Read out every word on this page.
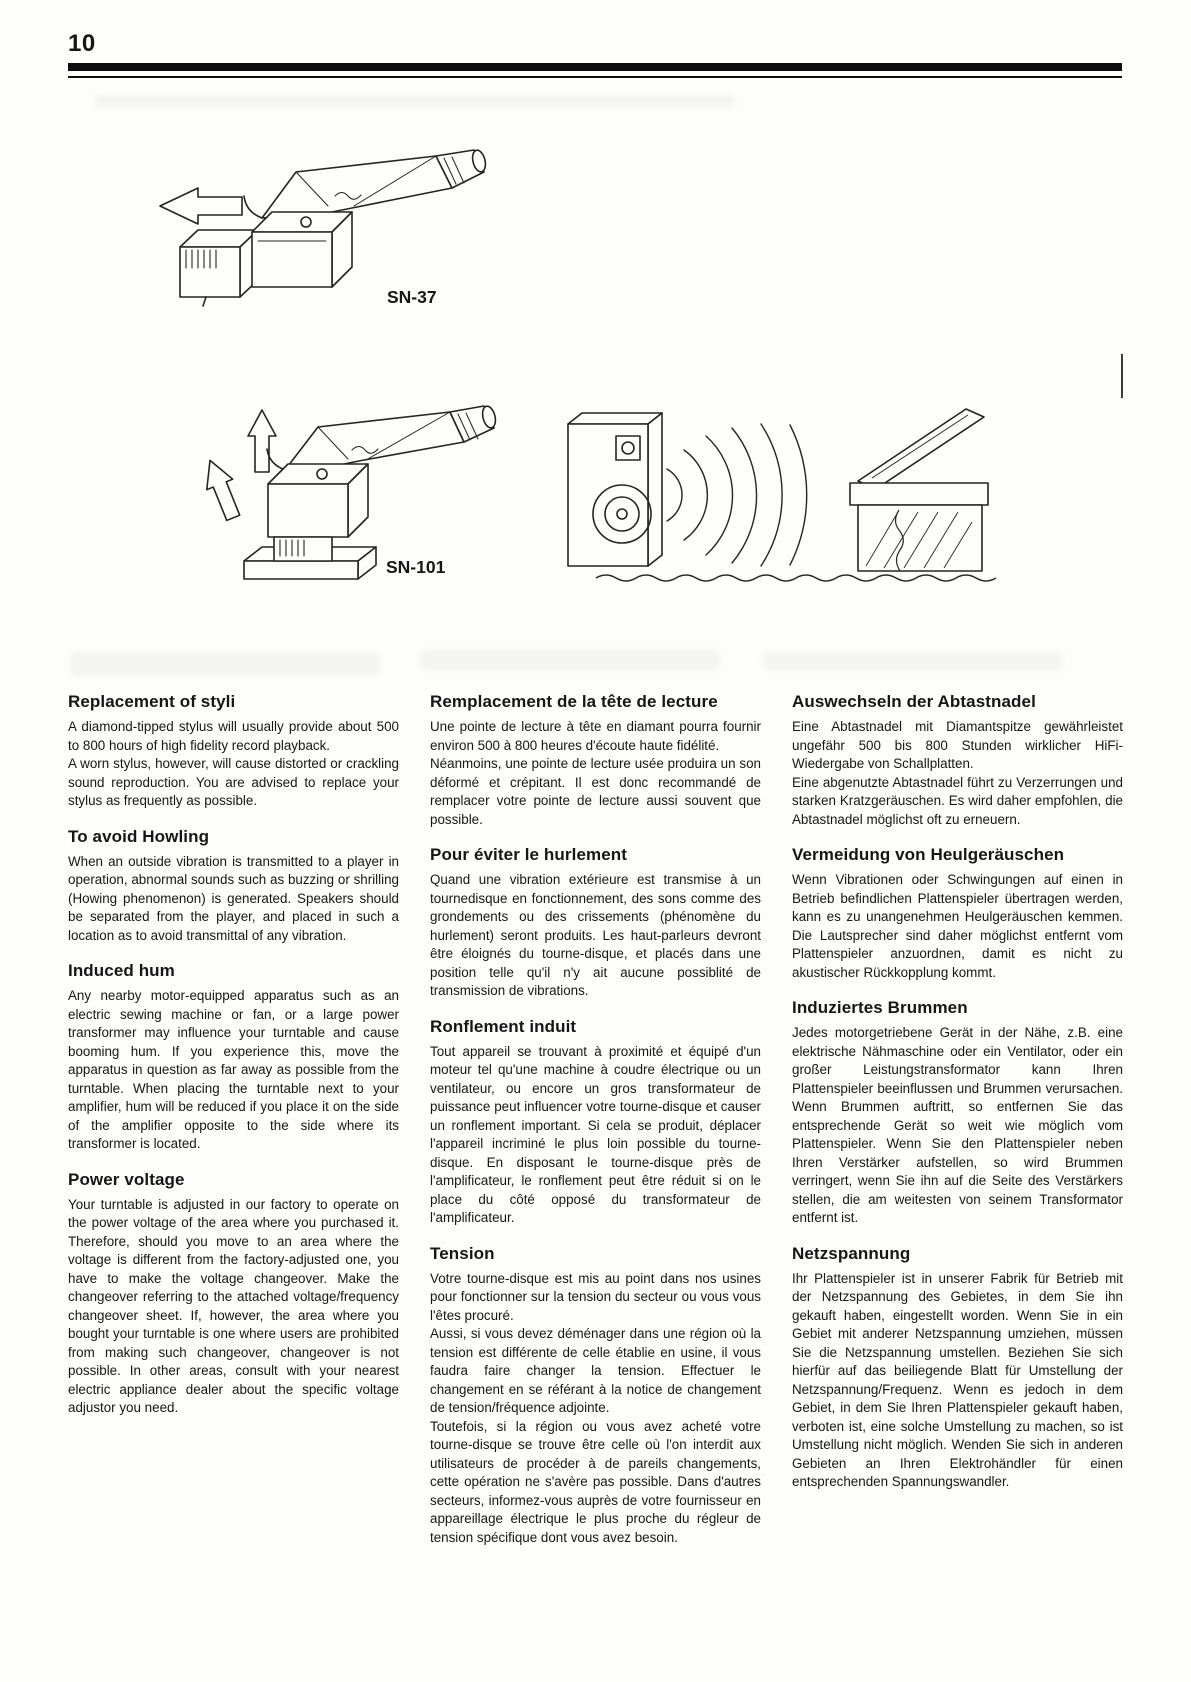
10
SN-37
SN-101
Replacement of styli

A diamond-tipped stylus will usually provide about 500 to 800 hours of high fidelity record playback.

A worn stylus, however, will cause distorted or crackling sound reproduction. You are advised to replace your stylus as frequently as possible.

To avoid Howling

When an outside vibration is transmitted to a player in operation, abnormal sounds such as buzzing or shrilling (Howing phenomenon) is generated. Speakers should be separated from the player, and placed in such a location as to avoid transmittal of any vibration.

Induced hum

Any nearby motor-equipped apparatus such as an electric sewing machine or fan, or a large power transformer may influence your turntable and cause booming hum. If you experience this, move the apparatus in question as far away as possible from the turntable. When placing the turntable next to your amplifier, hum will be reduced if you place it on the side of the amplifier opposite to the side where its transformer is located.

Power voltage

Your turntable is adjusted in our factory to operate on the power voltage of the area where you purchased it. Therefore, should you move to an area where the voltage is different from the factory-adjusted one, you have to make the voltage changeover. Make the changeover referring to the attached voltage/frequency changeover sheet. If, however, the area where you bought your turntable is one where users are prohibited from making such changeover, changeover is not possible. In other areas, consult with your nearest electric appliance dealer about the specific voltage adjustor you need.

Remplacement de la tête de lecture

Une pointe de lecture à tête en diamant pourra fournir environ 500 à 800 heures d'écoute haute fidélité.

Néanmoins, une pointe de lecture usée produira un son déformé et crépitant. Il est donc recommandé de remplacer votre pointe de lecture aussi souvent que possible.

Pour éviter le hurlement

Quand une vibration extérieure est transmise à un tournedisque en fonctionnement, des sons comme des grondements ou des crissements (phénomène du hurlement) seront produits. Les haut-parleurs devront être éloignés du tourne-disque, et placés dans une position telle qu'il n'y ait aucune possiblité de transmission de vibrations.

Ronflement induit

Tout appareil se trouvant à proximité et équipé d'un moteur tel qu'une machine à coudre électrique ou un ventilateur, ou encore un gros transformateur de puissance peut influencer votre tourne-disque et causer un ronflement important. Si cela se produit, déplacer l'appareil incriminé le plus loin possible du tourne-disque. En disposant le tourne-disque près de l'amplificateur, le ronflement peut être réduit si on le place du côté opposé du transformateur de l'amplificateur.

Tension

Votre tourne-disque est mis au point dans nos usines pour fonctionner sur la tension du secteur ou vous vous l'êtes procuré.

Aussi, si vous devez déménager dans une région où la tension est différente de celle établie en usine, il vous faudra faire changer la tension. Effectuer le changement en se référant à la notice de changement de tension/fréquence adjointe.

Toutefois, si la région ou vous avez acheté votre tourne-disque se trouve être celle où l'on interdit aux utilisateurs de procéder à de pareils changements, cette opération ne s'avère pas possible. Dans d'autres secteurs, informez-vous auprès de votre fournisseur en appareillage électrique le plus proche du régleur de tension spécifique dont vous avez besoin.

Auswechseln der Abtastnadel

Eine Abtastnadel mit Diamantspitze gewährleistet ungefähr 500 bis 800 Stunden wirklicher HiFi-Wiedergabe von Schallplatten.

Eine abgenutzte Abtastnadel führt zu Verzerrungen und starken Kratzgeräuschen. Es wird daher empfohlen, die Abtastnadel möglichst oft zu erneuern.

Vermeidung von Heulgeräuschen

Wenn Vibrationen oder Schwingungen auf einen in Betrieb befindlichen Plattenspieler übertragen werden, kann es zu unangenehmen Heulgeräuschen kemmen. Die Lautsprecher sind daher möglichst entfernt vom Plattenspieler anzuordnen, damit es nicht zu akustischer Rückkopplung kommt.

Induziertes Brummen

Jedes motorgetriebene Gerät in der Nähe, z.B. eine elektrische Nähmaschine oder ein Ventilator, oder ein großer Leistungstransformator kann Ihren Plattenspieler beeinflussen und Brummen verursachen. Wenn Brummen auftritt, so entfernen Sie das entsprechende Gerät so weit wie möglich vom Plattenspieler. Wenn Sie den Plattenspieler neben Ihren Verstärker aufstellen, so wird Brummen verringert, wenn Sie ihn auf die Seite des Verstärkers stellen, die am weitesten von seinem Transformator entfernt ist.

Netzspannung

Ihr Plattenspieler ist in unserer Fabrik für Betrieb mit der Netzspannung des Gebietes, in dem Sie ihn gekauft haben, eingestellt worden. Wenn Sie in ein Gebiet mit anderer Netzspannung umziehen, müssen Sie die Netzspannung umstellen. Beziehen Sie sich hierfür auf das beiliegende Blatt für Umstellung der Netzspannung/Frequenz. Wenn es jedoch in dem Gebiet, in dem Sie Ihren Plattenspieler gekauft haben, verboten ist, eine solche Umstellung zu machen, so ist Umstellung nicht möglich. Wenden Sie sich in anderen Gebieten an Ihren Elektrohändler für einen entsprechenden Spannungswandler.
